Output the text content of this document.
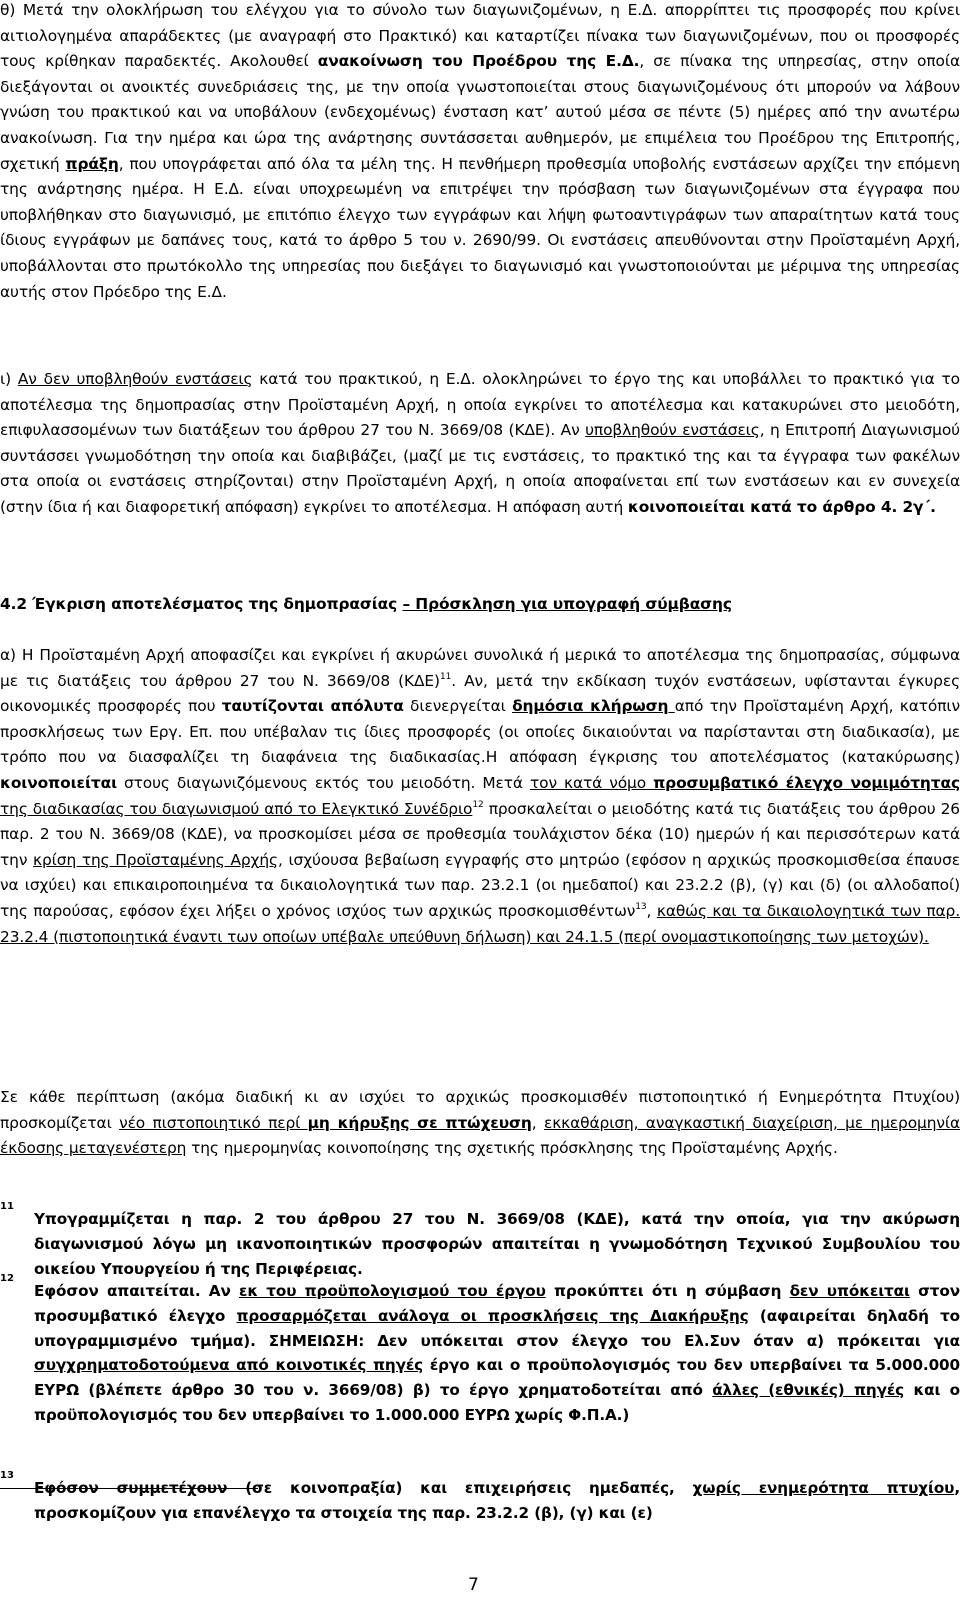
θ) Μετά την ολοκλήρωση του ελέγχου για το σύνολο των διαγωνιζομένων, η Ε.Δ. απορρίπτει τις προσφορές που κρίνει αιτιολογημένα απαράδεκτες (με αναγραφή στο Πρακτικό) και καταρτίζει πίνακα των διαγωνιζομένων, που οι προσφορές τους κρίθηκαν παραδεκτές. Ακολουθεί ανακοίνωση του Προέδρου της Ε.Δ., σε πίνακα της υπηρεσίας, στην οποία διεξάγονται οι ανοικτές συνεδριάσεις της, με την οποία γνωστοποιείται στους διαγωνιζομένους ότι μπορούν να λάβουν γνώση του πρακτικού και να υποβάλουν (ενδεχομένως) ένσταση κατ’ αυτού μέσα σε πέντε (5) ημέρες από την ανωτέρω ανακοίνωση. Για την ημέρα και ώρα της ανάρτησης συντάσσεται αυθημερόν, με επιμέλεια του Προέδρου της Επιτροπής, σχετική πράξη, που υπογράφεται από όλα τα μέλη της. Η πενθήμερη προθεσμία υποβολής ενστάσεων αρχίζει την επόμενη της ανάρτησης ημέρα. Η Ε.Δ. είναι υποχρεωμένη να επιτρέψει την πρόσβαση των διαγωνιζομένων στα έγγραφα που υποβλήθηκαν στο διαγωνισμό, με επιτόπιο έλεγχο των εγγράφων και λήψη φωτοαντιγράφων των απαραίτητων κατά τους ίδιους εγγράφων με δαπάνες τους, κατά το άρθρο 5 του ν. 2690/99. Οι ενστάσεις απευθύνονται στην Προϊσταμένη Αρχή, υποβάλλονται στο πρωτόκολλο της υπηρεσίας που διεξάγει το διαγωνισμό και γνωστοποιούνται με μέριμνα της υπηρεσίας αυτής στον Πρόεδρο της Ε.Δ.

ι) Αν δεν υποβληθούν ενστάσεις κατά του πρακτικού, η Ε.Δ. ολοκληρώνει το έργο της και υποβάλλει το πρακτικό για το αποτέλεσμα της δημοπρασίας στην Προϊσταμένη Αρχή, η οποία εγκρίνει το αποτέλεσμα και κατακυρώνει στο μειοδότη, επιφυλασσομένων των διατάξεων του άρθρου 27 του Ν. 3669/08 (ΚΔΕ). Αν υποβληθούν ενστάσεις, η Επιτροπή Διαγωνισμού συντάσσει γνωμοδότηση την οποία και διαβιβάζει, (μαζί με τις ενστάσεις, το πρακτικό της και τα έγγραφα των φακέλων στα οποία οι ενστάσεις στηρίζονται) στην Προϊσταμένη Αρχή, η οποία αποφαίνεται επί των ενστάσεων και εν συνεχεία (στην ίδια ή και διαφορετική απόφαση) εγκρίνει το αποτέλεσμα. Η απόφαση αυτή κοινοποιείται κατά το άρθρο 4. 2γ΄.

4.2 Έγκριση αποτελέσματος της δημοπρασίας – Πρόσκληση για υπογραφή σύμβασης

α) Η Προϊσταμένη Αρχή αποφασίζει και εγκρίνει ή ακυρώνει συνολικά ή μερικά το αποτέλεσμα της δημοπρασίας, σύμφωνα με τις διατάξεις του άρθρου 27 του Ν. 3669/08 $(K\Delta E)^{11}$. Αν, μετά την εκδίκαση τυχόν ενστάσεων, υφίστανται έγκυρες οικονομικές προσφορές που ταυτίζονται απόλυτα διενεργείται δημόσια κλήρωση από την Προϊσταμένη Αρχή, κατόπιν προσκλήσεως των Εργ. Επ. που υπέβαλαν τις ίδιες προσφορές (οι οποίες δικαιούνται να παρίστανται στη διαδικασία), με τρόπο που να διασφαλίζει τη διαφάνεια της διαδικασίας.Η απόφαση έγκρισης του αποτελέσματος (κατακύρωσης) κοινοποιείται στους διαγωνιζόμενους εκτός του μειοδότη. Μετά τον κατά νόμο προσυμβατικό έλεγχο νομιμότητας της διαδικασίας του διαγωνισμού από το Ελεγκτικό Συνέδριο$^{12}$ προσκαλείται ο μειοδότης κατά τις διατάξεις του άρθρου 26 παρ. 2 του Ν. 3669/08 (ΚΔΕ), να προσκομίσει μέσα σε προθεσμία τουλάχιστον δέκα (10) ημερών ή και περισσότερων κατά την κρίση της Προϊσταμένης Αρχής, ισχύουσα βεβαίωση εγγραφής στο μητρώο (εφόσον η αρχικώς προσκομισθείσα έπαυσε να ισχύει) και επικαιροποιημένα τα δικαιολογητικά των παρ. 23.2.1 (οι ημεδαποί) και 23.2.2 (β), (γ) και (δ) (οι αλλοδαποί) της παρούσας, εφόσον έχει λήξει ο χρόνος ισχύος των αρχικώς προσκομισθέντων$^{13}$, καθώς και τα δικαιολογητικά των παρ. 23.2.4 (πιστοποιητικά έναντι των οποίων υπέβαλε υπεύθυνη δήλωση) και 24.1.5 (περί ονομαστικοποίησης των μετοχών).

Σε κάθε περίπτωση (ακόμα διαδική κι αν ισχύει το αρχικώς προσκομισθέν πιστοποιητικό ή Ενημερότητα Πτυχίου) προσκομίζεται νέο πιστοποιητικό περί μη κήρυξης σε πτώχευση, εκκαθάριση, αναγκαστική διαχείριση, με ημερομηνία έκδοσης μεταγενέστερη της ημερομηνίας κοινοποίησης της σχετικής πρόσκλησης της Προϊσταμένης Αρχής.

11

Υπογραμμίζεται η παρ. 2 του άρθρου 27 του Ν. 3669/08 (ΚΔΕ), κατά την οποία, για την ακύρωση διαγωνισμού λόγω μη ικανοποιητικών προσφορών απαιτείται η γνωμοδότηση Τεχνικού Συμβουλίου του οικείου Υπουργείου ή της Περιφέρειας.

12

Εφόσον απαιτείται. Αν εκ του προϋπολογισμού του έργου προκύπτει ότι η σύμβαση δεν υπόκειται στον προσυμβατικό έλεγχο προσαρμόζεται ανάλογα οι προσκλήσεις της Διακήρυξης (αφαιρείται δηλαδή το υπογραμμισμένο τμήμα). ΣΗΜΕΙΩΣΗ: Δεν υπόκειται στον έλεγχο του Ελ.Συν όταν α) πρόκειται για συγχρηματοδοτούμενα από κοινοτικές πηγές έργο και ο προϋπολογισμός του δεν υπερβαίνει τα 5.000.000 ΕΥΡΩ (βλέπετε άρθρο 30 του ν. 3669/08) β) το έργο χρηματοδοτείται από άλλες (εθνικές) πηγές και ο προϋπολογισμός του δεν υπερβαίνει το 1.000.000 ΕΥΡΩ χωρίς Φ.Π.Α.)

13

Εφόσον συμμετέχουν (σε κοινοπραξία) και επιχειρήσεις ημεδαπές, χωρίς ενημερότητα πτυχίου, προσκομίζουν για επανέλεγχο τα στοιχεία της παρ. 23.2.2 (β), (γ) και (ε)

7
